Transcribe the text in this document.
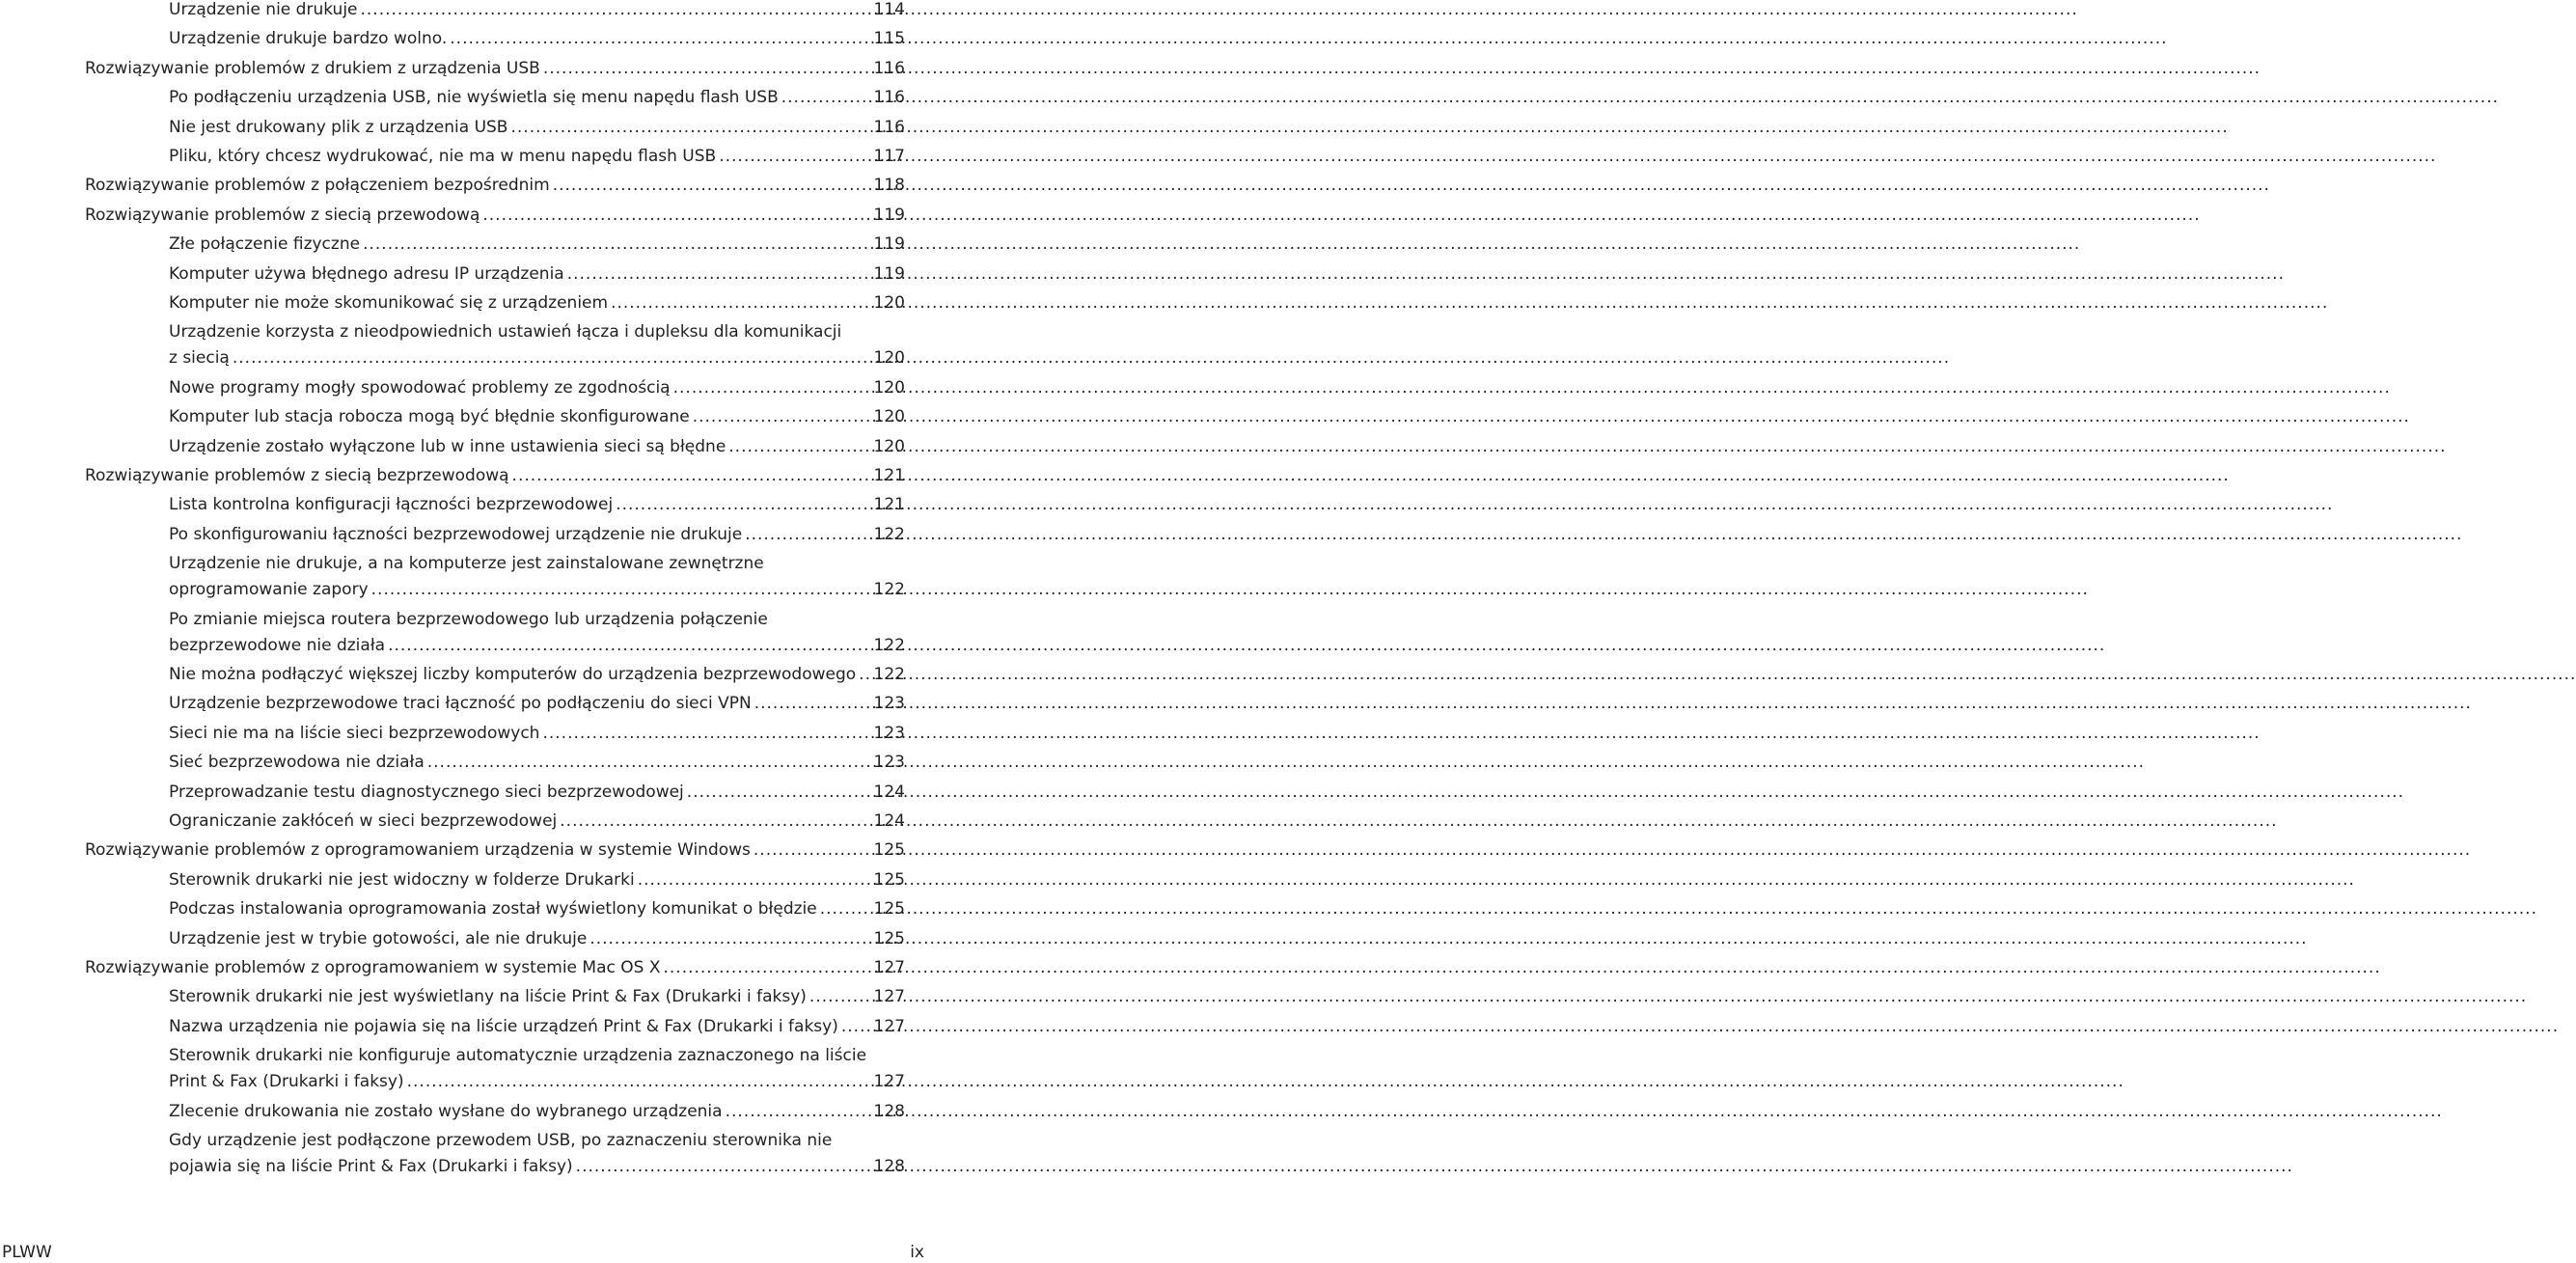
Urządzenie nie drukuje .....	114
Urządzenie drukuje bardzo wolno. .....	115
Rozwiązywanie problemów z drukiem z urządzenia USB .....	116
Po podłączeniu urządzenia USB, nie wyświetla się menu napędu flash USB .....	116
Nie jest drukowany plik z urządzenia USB .....	116
Pliku, który chcesz wydrukować, nie ma w menu napędu flash USB .....	117
Rozwiązywanie problemów z połączeniem bezpośrednim .....	118
Rozwiązywanie problemów z siecią przewodową .....	119
Złe połączenie fizyczne .....	119
Komputer używa błędnego adresu IP urządzenia .....	119
Komputer nie może skomunikować się z urządzeniem .....	120
Urządzenie korzysta z nieodpowiednich ustawień łącza i dupleksu dla komunikacji
z siecią .....	120
Nowe programy mogły spowodować problemy ze zgodnością .....	120
Komputer lub stacja robocza mogą być błędnie skonfigurowane .....	120
Urządzenie zostało wyłączone lub w inne ustawienia sieci są błędne .....	120
Rozwiązywanie problemów z siecią bezprzewodową .....	121
Lista kontrolna konfiguracji łączności bezprzewodowej .....	121
Po skonfigurowaniu łączności bezprzewodowej urządzenie nie drukuje .....	122
Urządzenie nie drukuje, a na komputerze jest zainstalowane zewnętrzne
oprogramowanie zapory .....	122
Po zmianie miejsca routera bezprzewodowego lub urządzenia połączenie
bezprzewodowe nie działa .....	122
Nie można podłączyć większej liczby komputerów do urządzenia bezprzewodowego ..... 122
Urządzenie bezprzewodowe traci łączność po podłączeniu do sieci VPN .....	123
Sieci nie ma na liście sieci bezprzewodowych .....	123
Sieć bezprzewodowa nie działa .....	123
Przeprowadzanie testu diagnostycznego sieci bezprzewodowej .....	124
Ograniczanie zakłóceń w sieci bezprzewodowej .....	124
Rozwiązywanie problemów z oprogramowaniem urządzenia w systemie Windows .....	125
Sterownik drukarki nie jest widoczny w folderze Drukarki .....	125
Podczas instalowania oprogramowania został wyświetlony komunikat o błędzie .....	125
Urządzenie jest w trybie gotowości, ale nie drukuje .....	125
Rozwiązywanie problemów z oprogramowaniem w systemie Mac OS X .....	127
Sterownik drukarki nie jest wyświetlany na liście Print & Fax (Drukarki i faksy) .....	127
Nazwa urządzenia nie pojawia się na liście urządzeń Print & Fax (Drukarki i faksy) ..... 127
Sterownik drukarki nie konfiguruje automatycznie urządzenia zaznaczonego na liście
Print & Fax (Drukarki i faksy) .....	127
Zlecenie drukowania nie zostało wysłane do wybranego urządzenia .....	128
Gdy urządzenie jest podłączone przewodem USB, po zaznaczeniu sterownika nie
pojawia się na liście Print & Fax (Drukarki i faksy) .....	128
PLWW	ix
